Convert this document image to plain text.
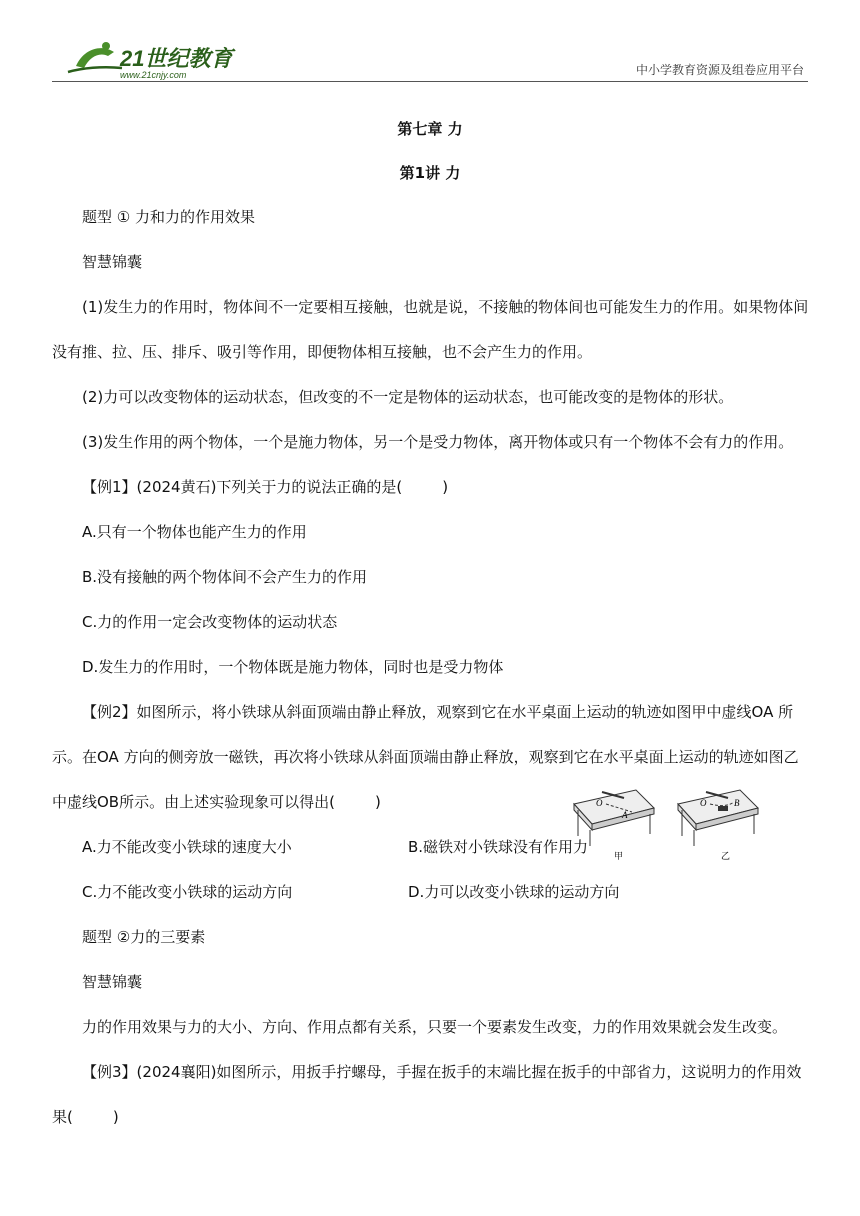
21世纪教育
www.21cnjy.com	中小学教育资源及组卷应用平台
第七章 力
第1讲 力
题型 ① 力和力的作用效果
智慧锦囊
(1)发生力的作用时，物体间不一定要相互接触，也就是说，不接触的物体间也可能发生力的作用。如果物体间
没有推、拉、压、排斥、吸引等作用，即便物体相互接触，也不会产生力的作用。
(2)力可以改变物体的运动状态，但改变的不一定是物体的运动状态，也可能改变的是物体的形状。
(3)发生作用的两个物体，一个是施力物体，另一个是受力物体，离开物体或只有一个物体不会有力的作用。
【例1】(2024黄石)下列关于力的说法正确的是(	)
A.只有一个物体也能产生力的作用
B.没有接触的两个物体间不会产生力的作用
C.力的作用一定会改变物体的运动状态
D.发生力的作用时，一个物体既是施力物体，同时也是受力物体
【例2】如图所示，将小铁球从斜面顶端由静止释放，观察到它在水平桌面上运动的轨迹如图甲中虚线OA 所
示。在OA 方向的侧旁放一磁铁，再次将小铁球从斜面顶端由静止释放，观察到它在水平桌面上运动的轨迹如图乙
中虚线OB所示。由上述实验现象可以得出(	)	O
A
甲
O	B
乙
A.力不能改变小铁球的速度大小	B.磁铁对小铁球没有作用力
C.力不能改变小铁球的运动方向	D.力可以改变小铁球的运动方向
题型 ②力的三要素
智慧锦囊
力的作用效果与力的大小、方向、作用点都有关系，只要一个要素发生改变，力的作用效果就会发生改变。
【例3】(2024襄阳)如图所示，用扳手拧螺母，手握在扳手的末端比握在扳手的中部省力，这说明力的作用效
果(	)
